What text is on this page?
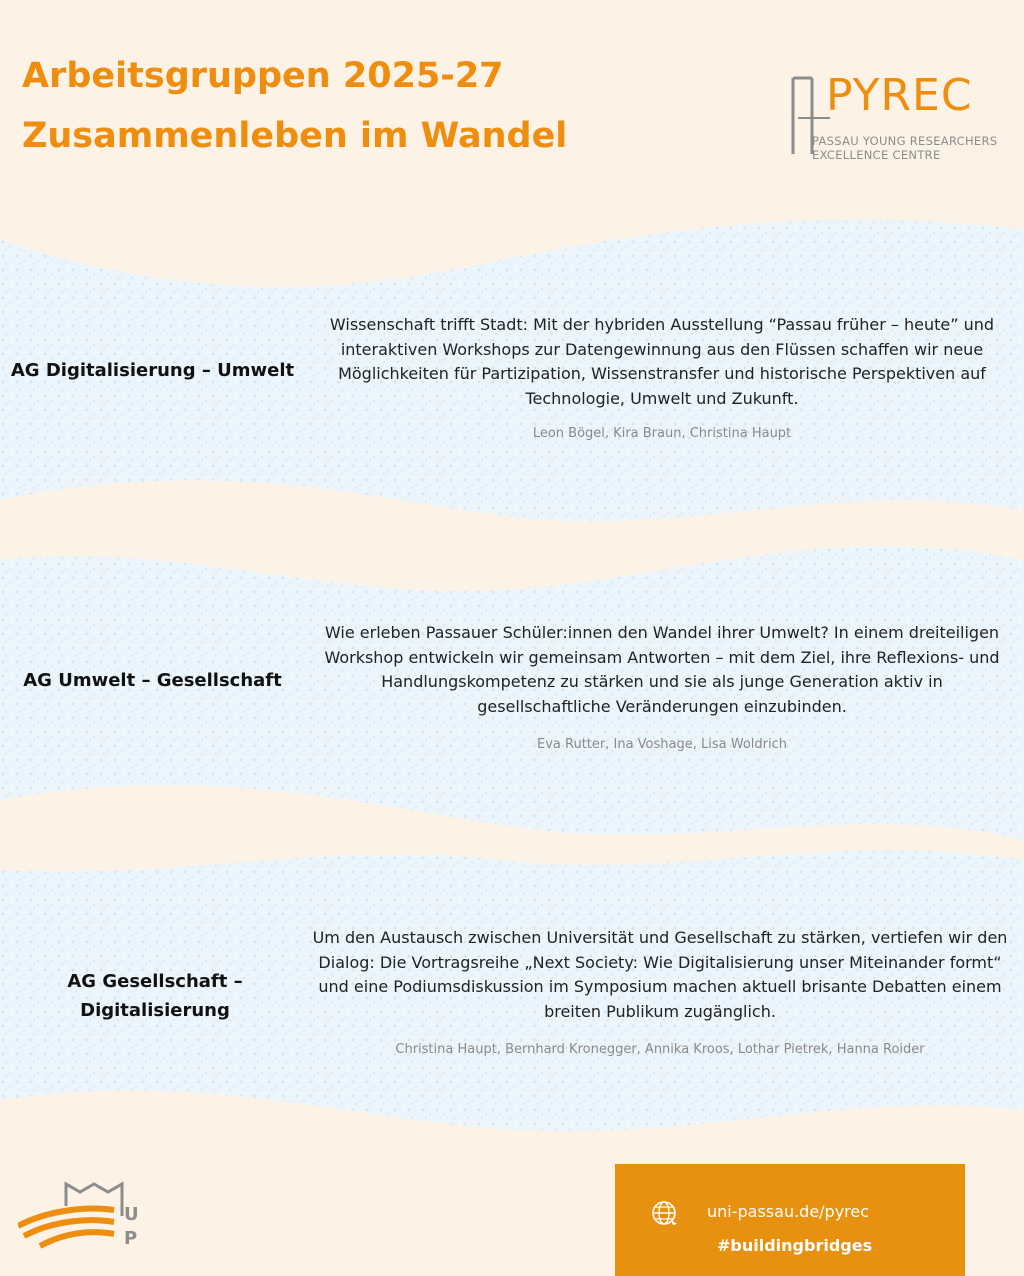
Arbeitsgruppen 2025-27
Zusammenleben im Wandel
PYREC
PASSAU YOUNG RESEARCHERS
EXCELLENCE CENTRE
AG Digitalisierung – Umwelt
Wissenschaft trifft Stadt: Mit der hybriden Ausstellung “Passau früher – heute” und interaktiven Workshops zur Datengewinnung aus den Flüssen schaffen wir neue Möglichkeiten für Partizipation, Wissenstransfer und historische Perspektiven auf Technologie, Umwelt und Zukunft.
Leon Bögel, Kira Braun, Christina Haupt
AG Umwelt – Gesellschaft
Wie erleben Passauer Schüler:innen den Wandel ihrer Umwelt? In einem dreiteiligen Workshop entwickeln wir gemeinsam Antworten – mit dem Ziel, ihre Reflexions- und Handlungskompetenz zu stärken und sie als junge Generation aktiv in gesellschaftliche Veränderungen einzubinden.
Eva Rutter, Ina Voshage, Lisa Woldrich
AG Gesellschaft – Digitalisierung
Um den Austausch zwischen Universität und Gesellschaft zu stärken, vertiefen wir den Dialog: Die Vortragsreihe „Next Society: Wie Digitalisierung unser Miteinander formt“ und eine Podiumsdiskussion im Symposium machen aktuell brisante Debatten einem breiten Publikum zugänglich.
Christina Haupt, Bernhard Kronegger, Annika Kroos, Lothar Pietrek, Hanna Roider
U
P
uni-passau.de/pyrec
#buildingbridges
